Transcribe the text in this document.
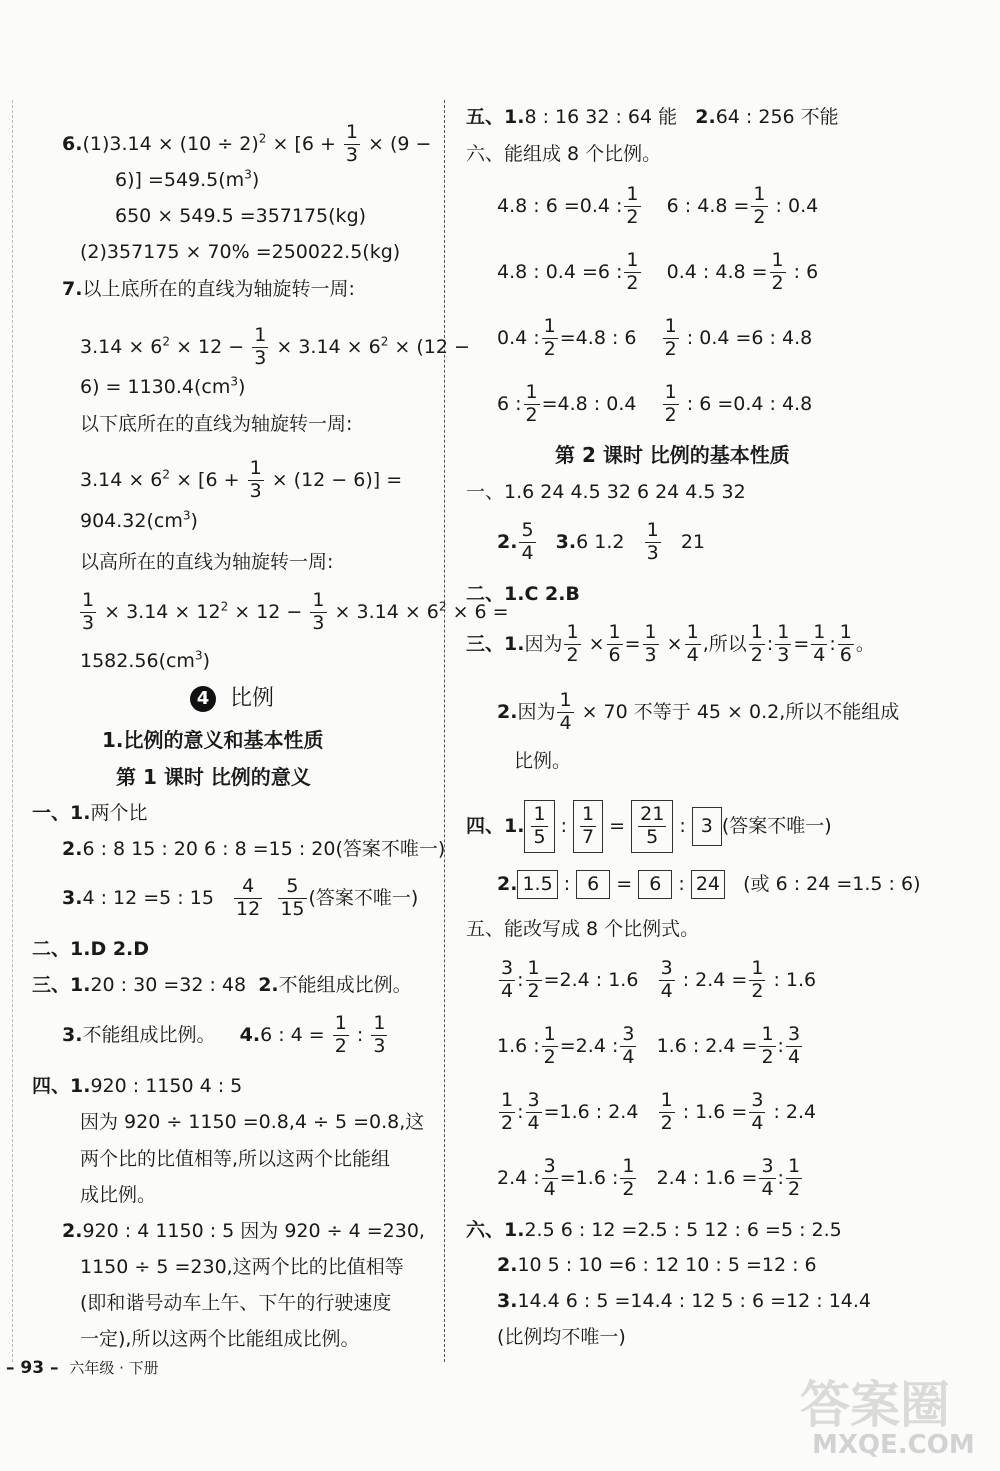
$6.(1)3.14 \times (10 \div 2)^2 \times [6 + \frac{1}{3} \times (9$ −
$6)] =549.5(m^3)$
650 × 549.5 =357175(kg)
(2)357175 × 70% =250022.5(kg)
7.以上底所在的直线为轴旋转一周:
$3.14 \times 6^2 \times 12 - \frac{1}{3} \times 3.14 \times 6^2 \times (12$ −
$6) = 1130.4(cm^3)$
以下底所在的直线为轴旋转一周:
$3.14 \times 6^2 \times [6 + \frac{1}{3} \times (12 - 6)]$ =
$904.32(cm^3)$
以高所在的直线为轴旋转一周:
$\frac{1}{3} \times 3.14 \times 12^2 \times 12 - \frac{1}{3} \times 3.14 \times 6^2 \times 6$ =
$1582.56(cm^3)$
4 比例
1.比例的意义和基本性质
第 1 课时 比例的意义
一、1.两个比
2.6 : 8 15 : 20 6 : 8 =15 : 20(答案不唯一)
3.4 : 12 =5 : $15 \frac{4}{12}$
$\frac{5}{15}$ (答案不唯一)
二、1.D 2.D
三、1.20 : 30 =32 : 48 2.不能组成比例。
3.不能组成比例。 4.6 : $4 = \frac{1}{2}$ : $\frac{1}{3}$
四、1.920 : 1150 4 : 5
因为 920 ÷ 1150 =0.8,4 ÷ 5 =0.8,这
两个比的比值相等,所以这两个比能组
成比例。
2.920 : 4 1150 : 5 因为 920 ÷ 4 =230,
1150 ÷ 5 =230,这两个比的比值相等
(即和谐号动车上午、下午的行驶速度
一定),所以这两个比能组成比例。
五、1.8 : 16 32 : 64 能 2.64 : 256 不能
六、能组成 8 个比例。
4.8 : 6 =0.4 : $\frac{1}{2} 6$ : $4.8 = \frac{1}{2}$ : 0.4
4.8 : 0.4 =6 : $\frac{1}{2} 0.4$ : $4.8 = \frac{1}{2}$ : 6
0.4 : $\frac{1}{2} =4.8$ : $6 \frac{1}{2}$ : 0.4 =6 : 4.8
6 : $\frac{1}{2} =4.8$ : $0.4 \frac{1}{2}$ : 6 =0.4 : 4.8
第 2 课时 比例的基本性质
一、1.6 24 4.5 32 6 24 4.5 32
2. $\frac{5}{4} 3.6$ $1.2 \frac{1}{3} 21$
二、1.C 2.B
三、1.因为 $\frac{1}{2} \times \frac{1}{6} = \frac{1}{3} \times \frac{1}{4}$ ,所以 $\frac{1}{2}$ : $\frac{1}{3} = \frac{1}{4}$ : $\frac{1}{6}$ 。
2.因为 $\frac{1}{4} \times 70$ 不等于 45 × 0.2,所以不能组成
比例。
四、1. $\frac{1}{5}$ : $\frac{1}{7} = \frac{21}{5}$ : 3 (答案不唯一)
2. 1.5 : 6 = 6 : 24 (或 6 : 24 =1.5 : 6)
五、能改写成 8 个比例式。
$\frac{3}{4}$ : $\frac{1}{2} =2.4$ : $1.6 \frac{3}{4}$ : $2.4 = \frac{1}{2}$ : 1.6
1.6 : $\frac{1}{2} =2.4$ : $\frac{3}{4} 1.6$ : $2.4 = \frac{1}{2}$ : $\frac{3}{4}$
$\frac{1}{2}$ : $\frac{3}{4} =1.6$ : $2.4 \frac{1}{2}$ : $1.6 = \frac{3}{4}$ : 2.4
2.4 : $\frac{3}{4} =1.6$ : $\frac{1}{2} 2.4$ : $1.6 = \frac{3}{4}$ : $\frac{1}{2}$
六、1.2.5 6 : 12 =2.5 : 5 12 : 6 =5 : 2.5
2.10 5 : 10 =6 : 12 10 : 5 =12 : 6
3.14.4 6 : 5 =14.4 : 12 5 : 6 =12 : 14.4
(比例均不唯一)
– 93 – 六年级 · 下册
答案圈
MXQE.COM
